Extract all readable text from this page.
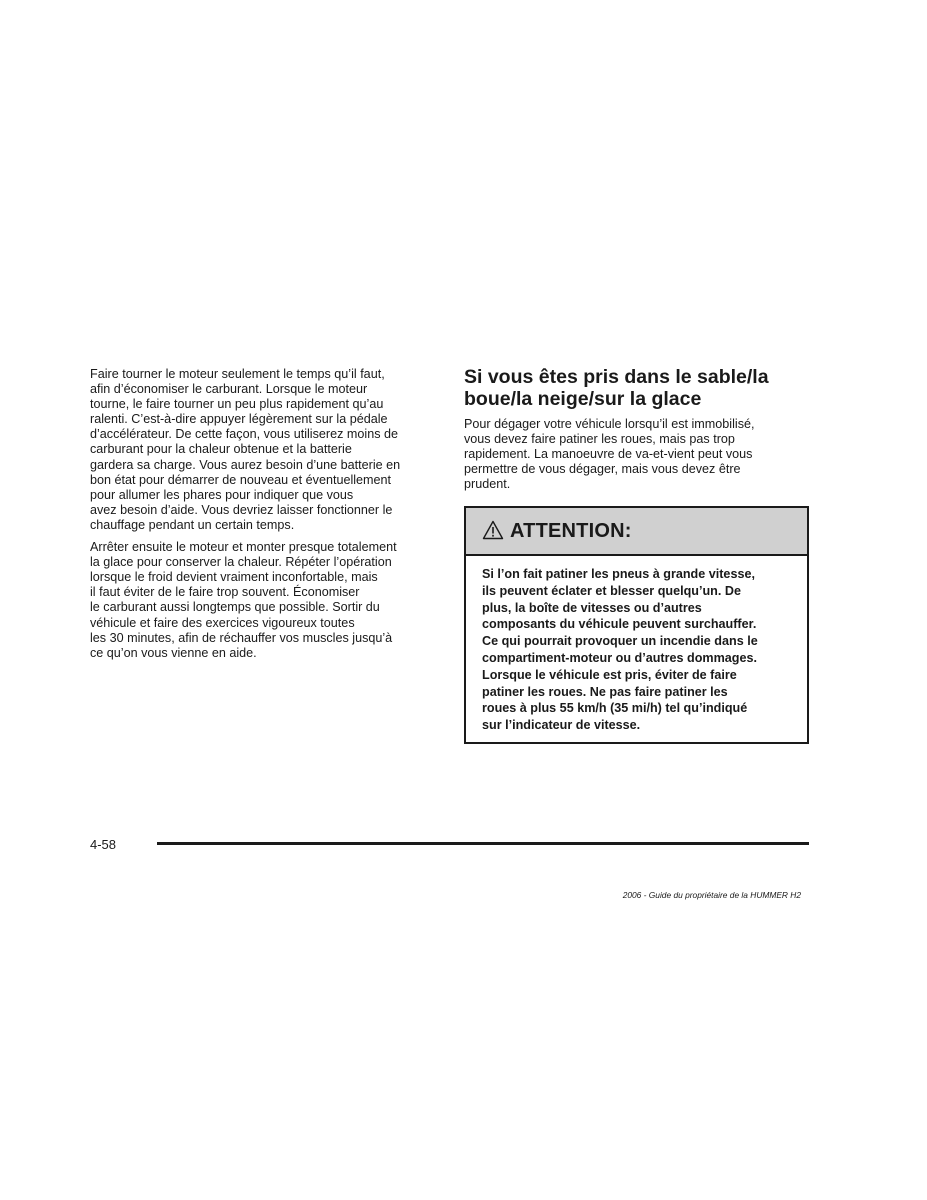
Faire tourner le moteur seulement le temps qu’il faut,
afin d’économiser le carburant. Lorsque le moteur
tourne, le faire tourner un peu plus rapidement qu’au
ralenti. C’est-à-dire appuyer légèrement sur la pédale
d’accélérateur. De cette façon, vous utiliserez moins de
carburant pour la chaleur obtenue et la batterie
gardera sa charge. Vous aurez besoin d’une batterie en
bon état pour démarrer de nouveau et éventuellement
pour allumer les phares pour indiquer que vous
avez besoin d’aide. Vous devriez laisser fonctionner le
chauffage pendant un certain temps.

Arrêter ensuite le moteur et monter presque totalement
la glace pour conserver la chaleur. Répéter l’opération
lorsque le froid devient vraiment inconfortable, mais
il faut éviter de le faire trop souvent. Économiser
le carburant aussi longtemps que possible. Sortir du
véhicule et faire des exercices vigoureux toutes
les 30 minutes, afin de réchauffer vos muscles jusqu’à
ce qu’on vous vienne en aide.

Si vous êtes pris dans le sable/la
boue/la neige/sur la glace

Pour dégager votre véhicule lorsqu’il est immobilisé,
vous devez faire patiner les roues, mais pas trop
rapidement. La manoeuvre de va-et-vient peut vous
permettre de vous dégager, mais vous devez être
prudent.

ATTENTION:

Si l’on fait patiner les pneus à grande vitesse,
ils peuvent éclater et blesser quelqu’un. De
plus, la boîte de vitesses ou d’autres
composants du véhicule peuvent surchauffer.
Ce qui pourrait provoquer un incendie dans le
compartiment-moteur ou d’autres dommages.
Lorsque le véhicule est pris, éviter de faire
patiner les roues. Ne pas faire patiner les
roues à plus 55 km/h (35 mi/h) tel qu’indiqué
sur l’indicateur de vitesse.

4-58
2006 - Guide du propriétaire de la HUMMER H2
